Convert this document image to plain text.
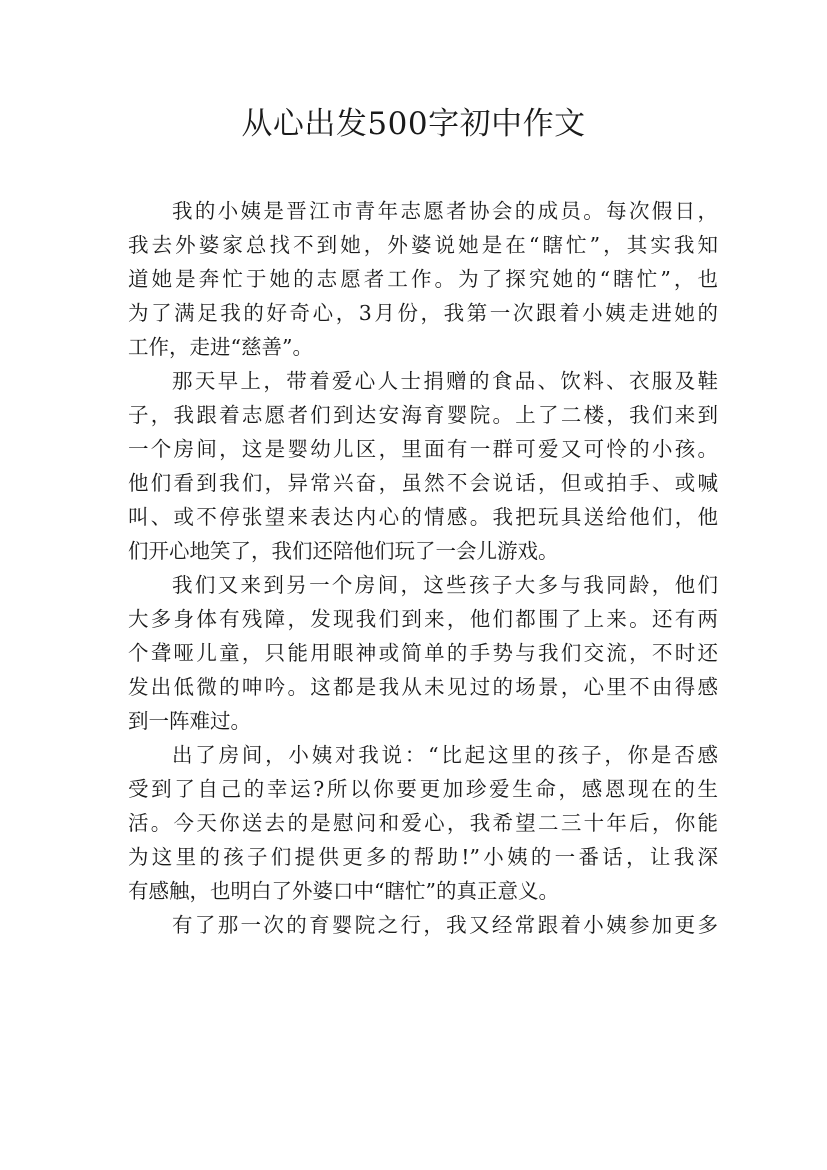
从心出发500字初中作文
我的小姨是晋江市青年志愿者协会的成员。每次假日，
我去外婆家总找不到她，外婆说她是在“瞎忙”，其实我知
道她是奔忙于她的志愿者工作。为了探究她的“瞎忙”，也
为了满足我的好奇心，3月份，我第一次跟着小姨走进她的
工作，走进“慈善”。
那天早上，带着爱心人士捐赠的食品、饮料、衣服及鞋
子，我跟着志愿者们到达安海育婴院。上了二楼，我们来到
一个房间，这是婴幼儿区，里面有一群可爱又可怜的小孩。
他们看到我们，异常兴奋，虽然不会说话，但或拍手、或喊
叫、或不停张望来表达内心的情感。我把玩具送给他们，他
们开心地笑了，我们还陪他们玩了一会儿游戏。
我们又来到另一个房间，这些孩子大多与我同龄，他们
大多身体有残障，发现我们到来，他们都围了上来。还有两
个聋哑儿童，只能用眼神或简单的手势与我们交流，不时还
发出低微的呻吟。这都是我从未见过的场景，心里不由得感
到一阵难过。
出了房间，小姨对我说：“比起这里的孩子，你是否感
受到了自己的幸运?所以你要更加珍爱生命，感恩现在的生
活。今天你送去的是慰问和爱心，我希望二三十年后，你能
为这里的孩子们提供更多的帮助!”小姨的一番话，让我深
有感触，也明白了外婆口中“瞎忙”的真正意义。
有了那一次的育婴院之行，我又经常跟着小姨参加更多
